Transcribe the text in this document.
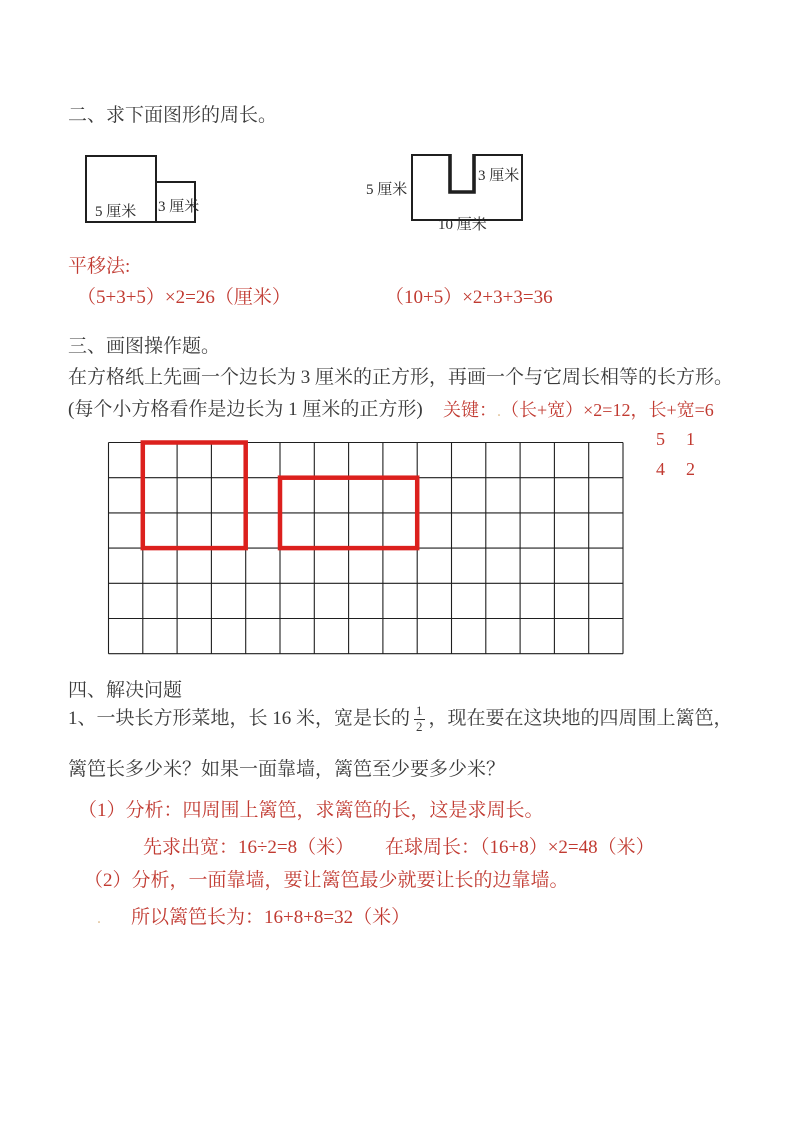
二、求下面图形的周长。
5 厘米 3 厘米
5 厘米
3 厘米
10 厘米
平移法:
（5+3+5）×2=26（厘米）	（10+5）×2+3+3=36
三、画图操作题。
在方格纸上先画一个边长为 3 厘米的正方形，再画一个与它周长相等的长方形。
(每个小方格看作是边长为 1 厘米的正方形) 关键：.（长+宽）×2=12，长+宽=6
5 1
4 2
四、解决问题
1、一块长方形菜地，长 16 米，宽是长的 $\frac{1}{2}$ ，现在要在这块地的四周围上篱笆，
篱笆长多少米？如果一面靠墙，篱笆至少要多少米？
（1）分析：四周围上篱笆，求篱笆的长，这是求周长。
先求出宽：16÷2=8（米） 在球周长：（16+8）×2=48（米）
（2）分析，一面靠墙，要让篱笆最少就要让长的边靠墙。
. 所以篱笆长为：16+8+8=32（米）
